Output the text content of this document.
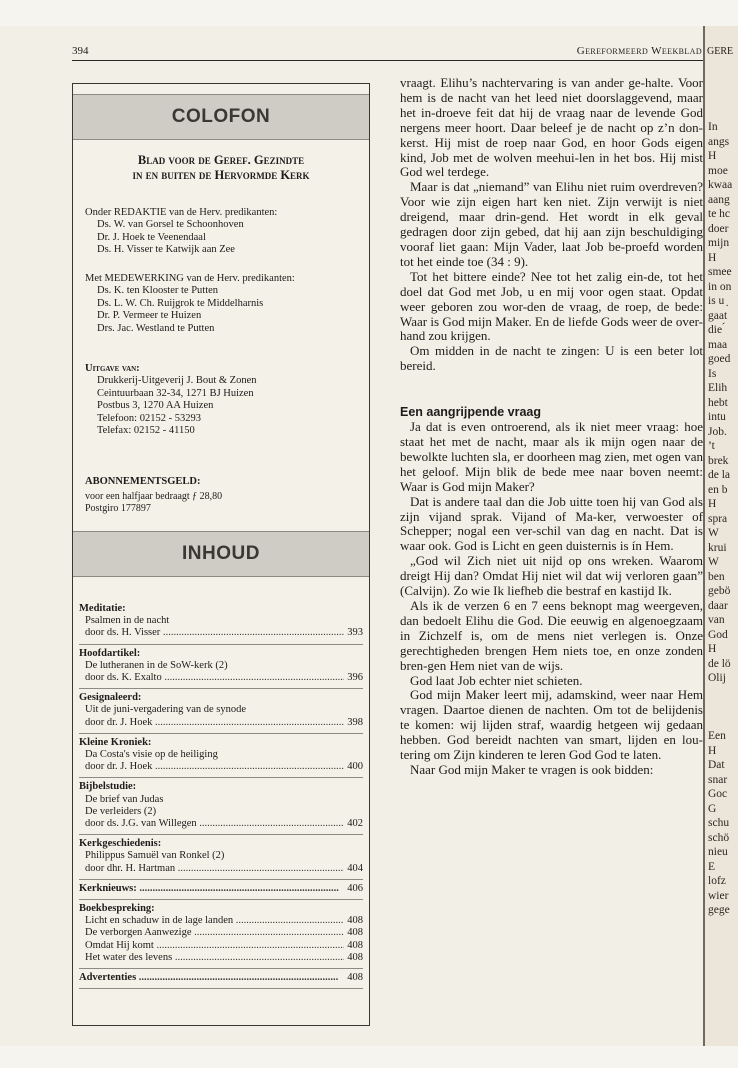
394	Gereformeerd Weekblad
COLOFON
Blad voor de Geref. Gezindte
in en buiten de Hervormde Kerk
Onder REDAKTIE van de Herv. predikanten:
Ds. W. van Gorsel te Schoonhoven
Dr. J. Hoek te Veenendaal
Ds. H. Visser te Katwijk aan Zee
Met MEDEWERKING van de Herv. predikanten:
Ds. K. ten Klooster te Putten
Ds. L. W. Ch. Ruijgrok te Middelharnis
Dr. P. Vermeer te Huizen
Drs. Jac. Westland te Putten
Uitgave van:
Drukkerij-Uitgeverij J. Bout & Zonen
Ceintuurbaan 32-34, 1271 BJ Huizen
Postbus 3, 1270 AA Huizen
Telefoon: 02152 - 53293
Telefax: 02152 - 41150
ABONNEMENTSGELD:
voor een halfjaar bedraagt ƒ 28,80
Postgiro 177897
INHOUD
Meditatie:
Psalmen in de nacht
door ds. H. Visser .....	393
Hoofdartikel:
De lutheranen in de SoW-kerk (2)
door ds. K. Exalto .....	396
Gesignaleerd:
Uit de juni-vergadering van de synode
door dr. J. Hoek .....	398
Kleine Kroniek:
Da Costa's visie op de heiliging
door dr. J. Hoek .....	400
Bijbelstudie:
De brief van Judas
De verleiders (2)
door ds. J.G. van Willegen .....	402
Kerkgeschiedenis:
Philippus Samuël van Ronkel (2)
door dhr. H. Hartman .....	404
Kerknieuws: .....	406
Boekbespreking:
Licht en schaduw in de lage landen .....	408
De verborgen Aanwezige .....	408
Omdat Hij komt .....	408
Het water des levens .....	408
Advertenties .....	408

vraagt. Elihu’s nachtervaring is van ander ge-halte. Voor hem is de nacht van het leed niet doorslaggevend, maar het in-droeve feit dat hij de vraag naar de levende God nergens meer hoort. Daar beleef je de nacht op z’n don-kerst. Hij mist de roep naar God, en hoor Gods eigen kind, Job met de wolven meehui-len in het bos. Hij mist God wel terdege.

Maar is dat „niemand” van Elihu niet ruim overdreven? Voor wie zijn eigen hart ken niet. Zijn verwijt is niet dreigend, maar drin-gend. Het wordt in elk geval gedragen door zijn gebed, dat hij aan zijn beschuldiging vooraf liet gaan: Mijn Vader, laat Job be-proefd worden tot het einde toe (34 : 9).

Tot het bittere einde? Nee tot het zalig ein-de, tot het doel dat God met Job, u en mij voor ogen staat. Opdat weer geboren zou wor-den de vraag, de roep, de bede: Waar is God mijn Maker. En de liefde Gods weer de over-hand zou krijgen.

Om midden in de nacht te zingen: U is een beter lot bereid.

Een aangrijpende vraag

Ja dat is even ontroerend, als ik niet meer vraag: hoe staat het met de nacht, maar als ik mijn ogen naar de bewolkte luchten sla, er doorheen mag zien, met ogen van het geloof. Mijn blik de bede mee naar boven neemt: Waar is God mijn Maker?

Dat is andere taal dan die Job uitte toen hij van God als zijn vijand sprak. Vijand of Ma-ker, verwoester of Schepper; nogal een ver-schil van dag en nacht. Dat is waar ook. God is Licht en geen duisternis is ín Hem.

„God wil Zich niet uit nijd op ons wreken. Waarom dreigt Hij dan? Omdat Hij niet wil dat wij verloren gaan” (Calvijn). Zo wie Ik liefheb die bestraf en kastijd Ik.

Als ik de verzen 6 en 7 eens beknopt mag weergeven, dan bedoelt Elihu die God. Die eeuwig en algenoegzaam in Zichzelf is, om de mens niet verlegen is. Onze gerechtigheden brengen Hem niets toe, en onze zonden bren-gen Hem niet van de wijs.

God laat Job echter niet schieten.

God mijn Maker leert mij, adamskind, weer naar Hem vragen. Daartoe dienen de nachten. Om tot de belijdenis te komen: wij lijden straf, waardig hetgeen wij gedaan hebben. God bereidt nachten van smart, lijden en lou-tering om Zijn kinderen te leren God God te laten.

Naar God mijn Maker te vragen is ook bidden:

GERE
In
angs
H
moe
kwaa
aang
te hc
doer
mijn
H
smee
in on
is u ̣
gaat
die ́
maa
goed
Is
Elih
hebt
intu
Job.
’t
brek
de la
en b
H
spra
W
krui
W
ben
gebö
daar
van
God
H
de lö
Olij
Een
H
Dat
snar
Goc
G
schu
schö
nieu
E
lofz
wier
gege
